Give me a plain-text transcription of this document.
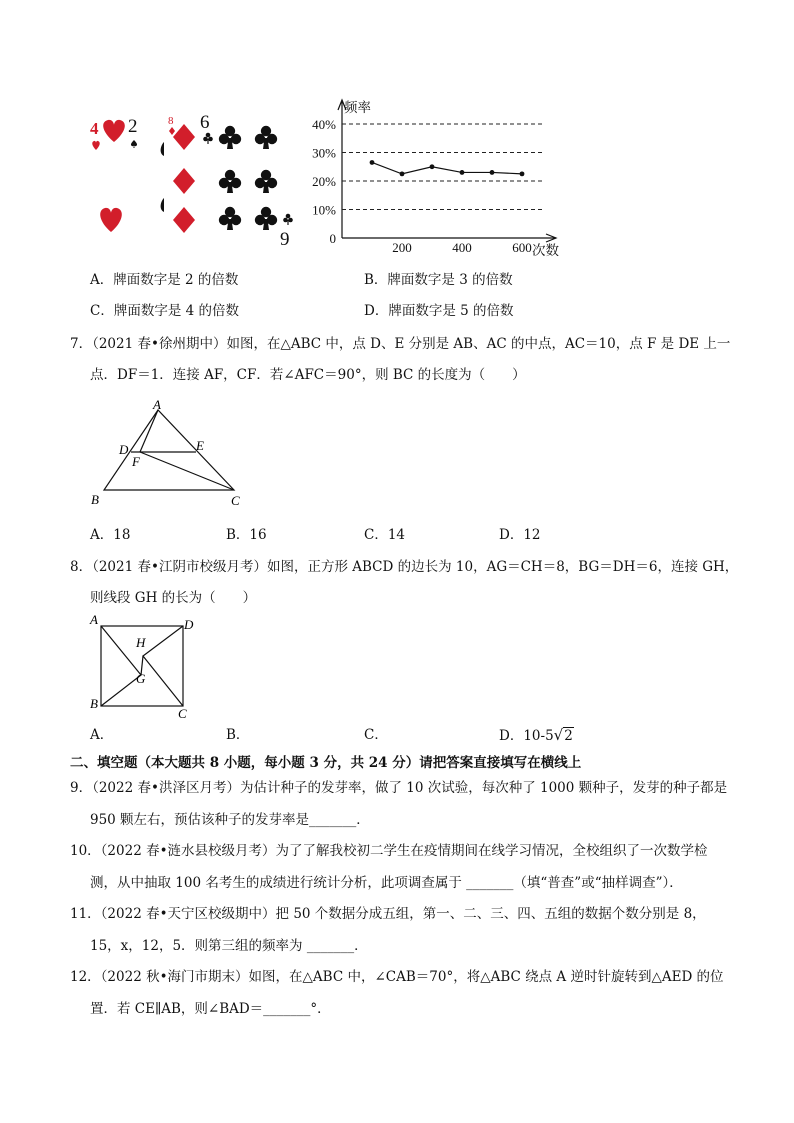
4 2	8 6
9
频率
次数
0
10%
20%
30%
40%
200	400	600
A．牌面数字是 2 的倍数	B．牌面数字是 3 的倍数
C．牌面数字是 4 的倍数	D．牌面数字是 5 的倍数
7．（2021 春•徐州期中）如图，在△ABC 中，点 D、E 分别是 AB、AC 的中点，AC＝10，点 F 是 DE 上一
点．DF＝1．连接 AF，CF．若∠AFC＝90°，则 BC 的长度为（　　）
A
D	E
F
B	C
A．18	B．16	C．14	D．12
8．（2021 春•江阴市校级月考）如图，正方形 ABCD 的边长为 10，AG＝CH＝8，BG＝DH＝6，连接 GH，
则线段 GH 的长为（　　）
A	D
H
G
B
C
A．	B．	C．	D．10-5√2
二、填空题（本大题共 8 小题，每小题 3 分，共 24 分）请把答案直接填写在横线上
9．（2022 春•洪泽区月考）为估计种子的发芽率，做了 10 次试验，每次种了 1000 颗种子，发芽的种子都是
950 颗左右，预估该种子的发芽率是_______．
10．（2022 春•涟水县校级月考）为了了解我校初二学生在疫情期间在线学习情况，全校组织了一次数学检
测，从中抽取 100 名考生的成绩进行统计分析，此项调查属于 _______（填“普查”或“抽样调查”）．
11．（2022 春•天宁区校级期中）把 50 个数据分成五组，第一、二、三、四、五组的数据个数分别是 8，
15，x，12，5．则第三组的频率为 _______．
12．（2022 秋•海门市期末）如图，在△ABC 中，∠CAB＝70°，将△ABC 绕点 A 逆时针旋转到△AED 的位
置．若 CE∥AB，则∠BAD＝_______°．
